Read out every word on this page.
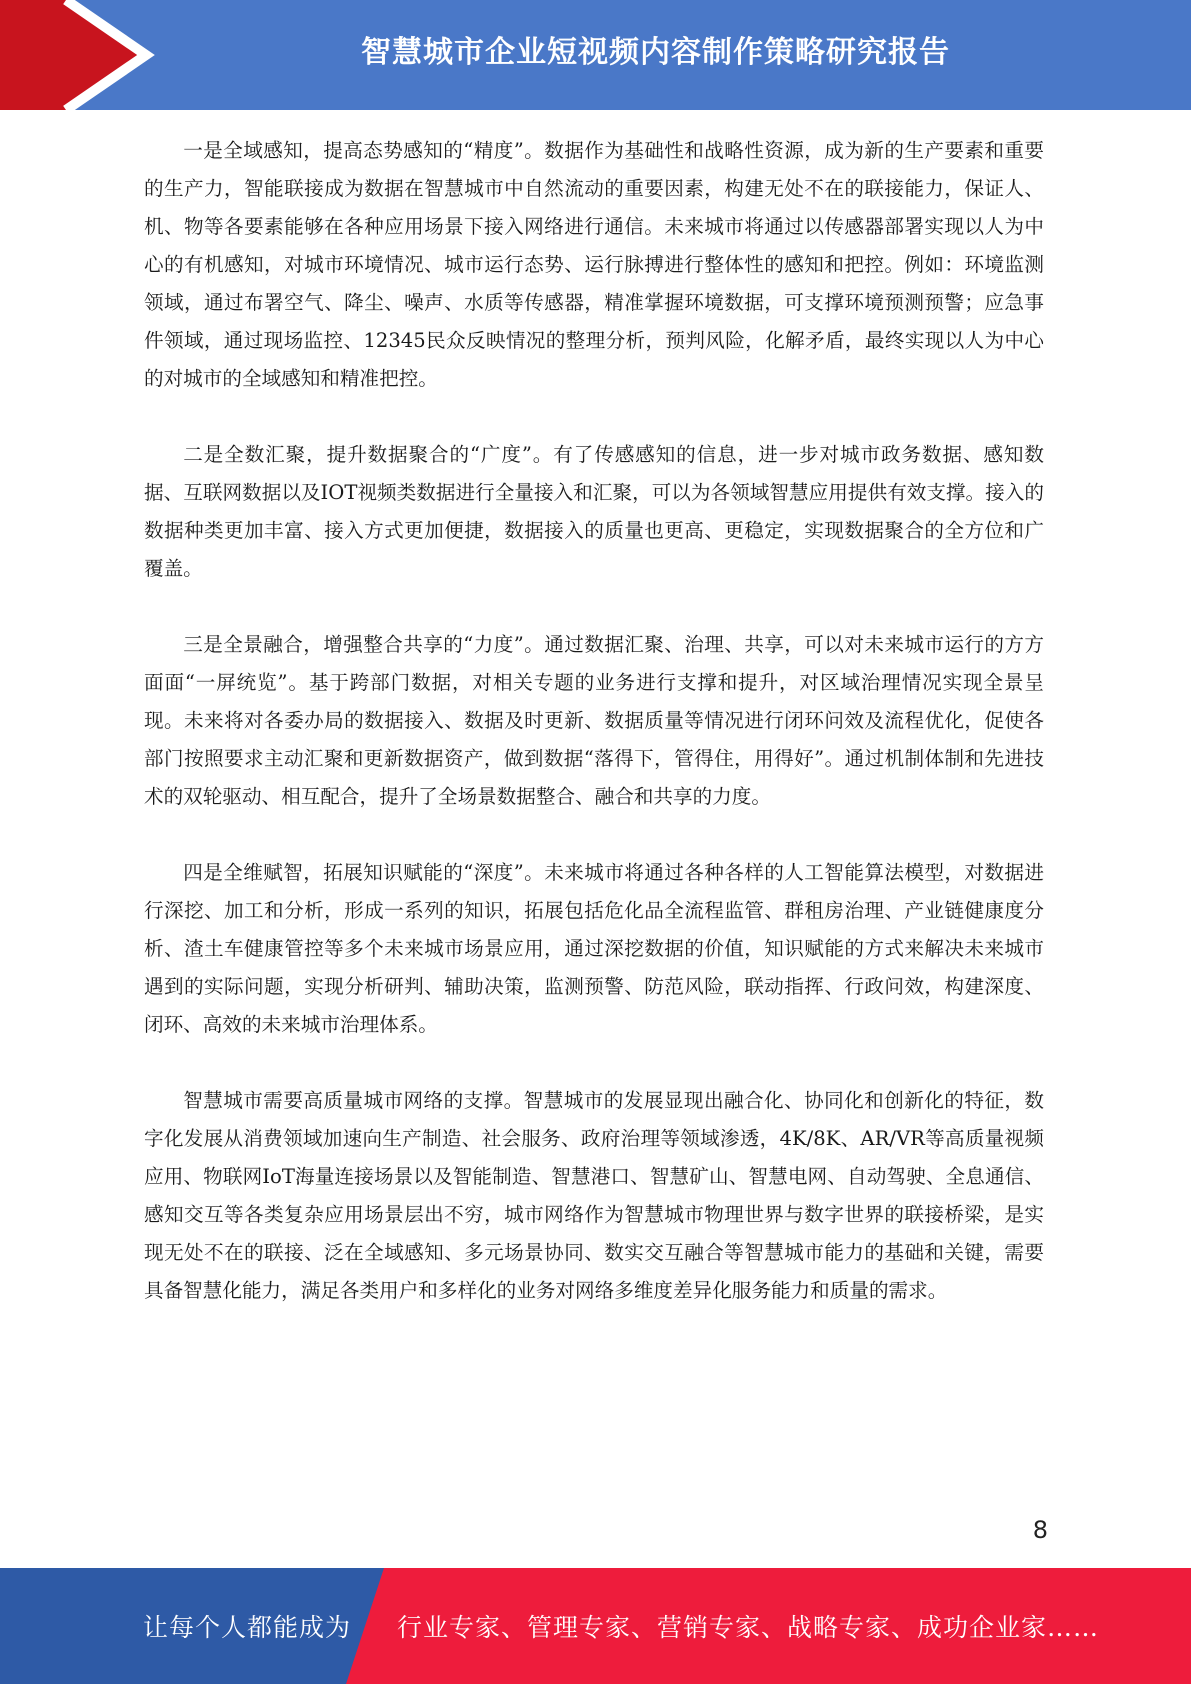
智慧城市企业短视频内容制作策略研究报告

一是全域感知，提高态势感知的“精度”。数据作为基础性和战略性资源，成为新的生产要素和重要的生产力，智能联接成为数据在智慧城市中自然流动的重要因素，构建无处不在的联接能力，保证人、机、物等各要素能够在各种应用场景下接入网络进行通信。未来城市将通过以传感器部署实现以人为中心的有机感知，对城市环境情况、城市运行态势、运行脉搏进行整体性的感知和把控。例如：环境监测领域，通过布署空气、降尘、噪声、水质等传感器，精准掌握环境数据，可支撑环境预测预警；应急事件领域，通过现场监控、12345民众反映情况的整理分析，预判风险，化解矛盾，最终实现以人为中心的对城市的全域感知和精准把控。

二是全数汇聚，提升数据聚合的“广度”。有了传感感知的信息，进一步对城市政务数据、感知数据、互联网数据以及IOT视频类数据进行全量接入和汇聚，可以为各领域智慧应用提供有效支撑。接入的数据种类更加丰富、接入方式更加便捷，数据接入的质量也更高、更稳定，实现数据聚合的全方位和广覆盖。

三是全景融合，增强整合共享的“力度”。通过数据汇聚、治理、共享，可以对未来城市运行的方方面面“一屏统览”。基于跨部门数据，对相关专题的业务进行支撑和提升，对区域治理情况实现全景呈现。未来将对各委办局的数据接入、数据及时更新、数据质量等情况进行闭环问效及流程优化，促使各部门按照要求主动汇聚和更新数据资产，做到数据“落得下，管得住，用得好”。通过机制体制和先进技术的双轮驱动、相互配合，提升了全场景数据整合、融合和共享的力度。

四是全维赋智，拓展知识赋能的“深度”。未来城市将通过各种各样的人工智能算法模型，对数据进行深挖、加工和分析，形成一系列的知识，拓展包括危化品全流程监管、群租房治理、产业链健康度分析、渣土车健康管控等多个未来城市场景应用，通过深挖数据的价值，知识赋能的方式来解决未来城市遇到的实际问题，实现分析研判、辅助决策，监测预警、防范风险，联动指挥、行政问效，构建深度、闭环、高效的未来城市治理体系。

智慧城市需要高质量城市网络的支撑。智慧城市的发展显现出融合化、协同化和创新化的特征，数字化发展从消费领域加速向生产制造、社会服务、政府治理等领域渗透，4K/8K、AR/VR等高质量视频应用、物联网IoT海量连接场景以及智能制造、智慧港口、智慧矿山、智慧电网、自动驾驶、全息通信、感知交互等各类复杂应用场景层出不穷，城市网络作为智慧城市物理世界与数字世界的联接桥梁，是实现无处不在的联接、泛在全域感知、多元场景协同、数实交互融合等智慧城市能力的基础和关键，需要具备智慧化能力，满足各类用户和多样化的业务对网络多维度差异化服务能力和质量的需求。

8
让每个人都能成为 行业专家、管理专家、营销专家、战略专家、成功企业家……
